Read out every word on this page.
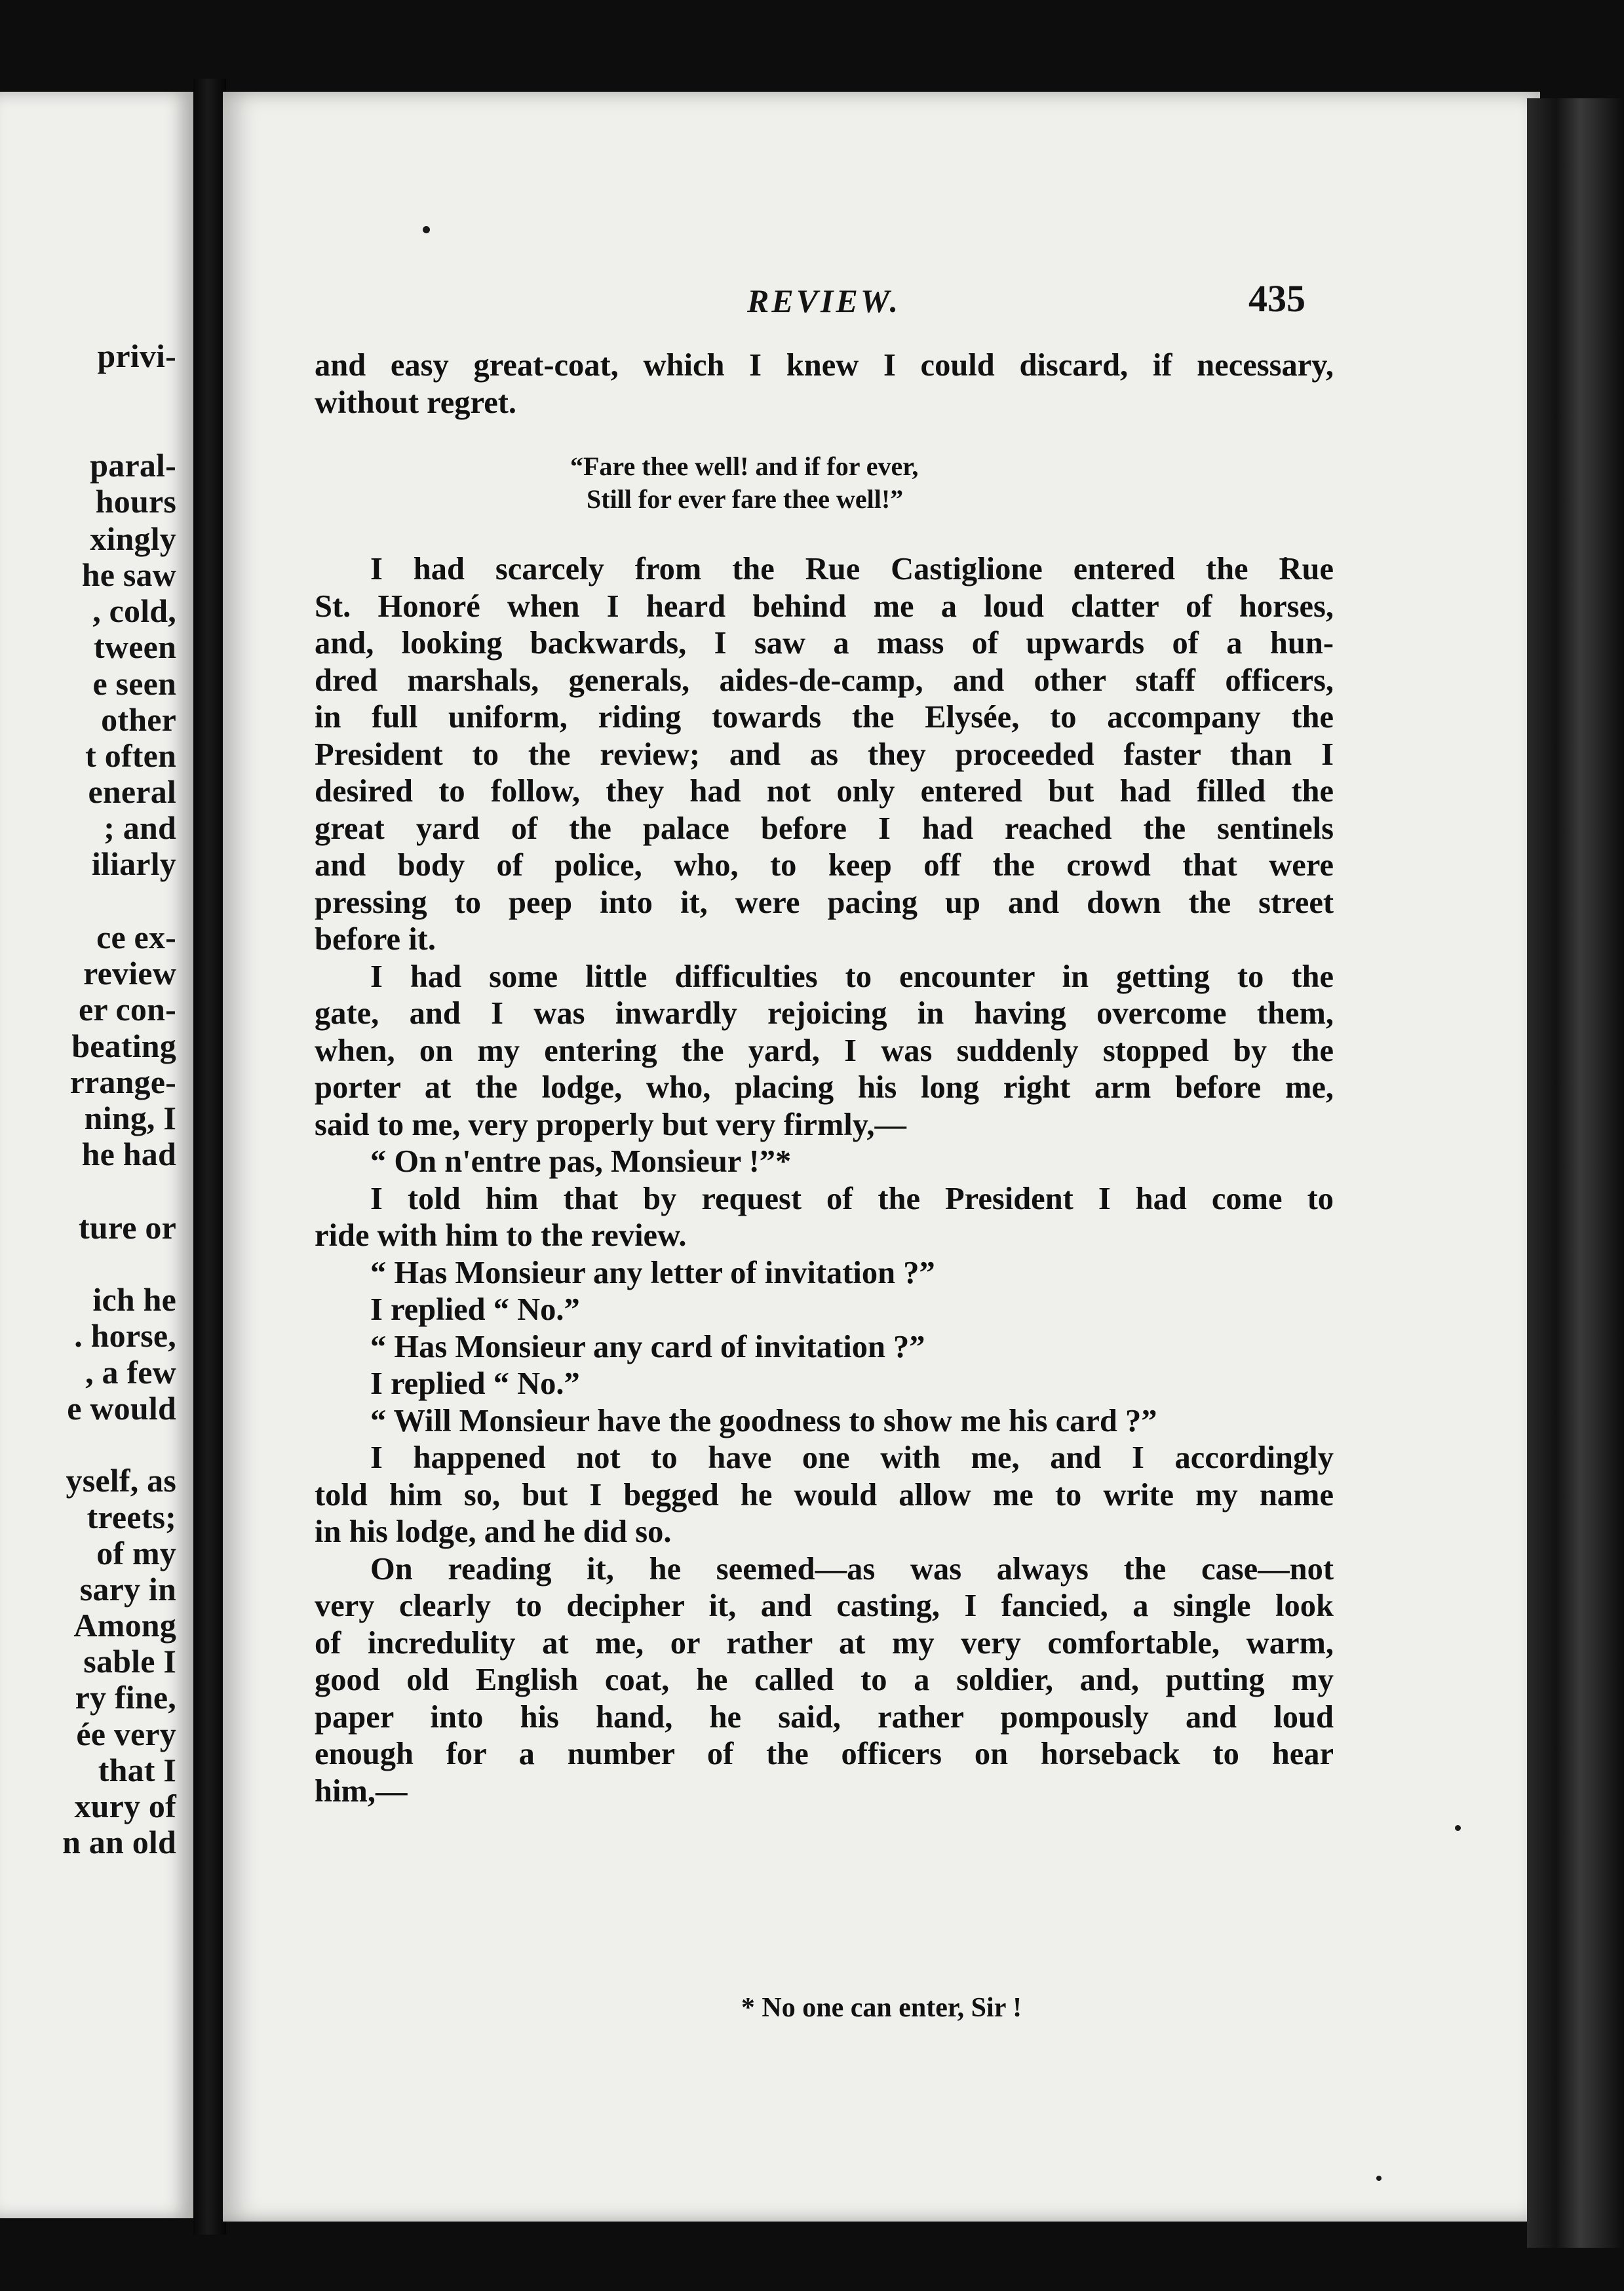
privi-
paral-
hours
xingly
he saw
, cold,
tween
e seen
other
t often
eneral
; and
iliarly
ce ex-
review
er con-
beating
rrange-
ning, I
he had
ture or
ich he
. horse,
, a few
e would
yself, as
treets;
of my
sary in
Among
sable I
ry fine,
ée very
that I
xury of
n an old
REVIEW.	435
and easy great-coat, which I knew I could discard, if necessary,
without regret.
“Fare thee well! and if for ever,
Still for ever fare thee well!”
I had scarcely from the Rue Castiglione entered the Rue
St. Honoré when I heard behind me a loud clatter of horses,
and, looking backwards, I saw a mass of upwards of a hun-
dred marshals, generals, aides-de-camp, and other staff officers,
in full uniform, riding towards the Elysée, to accompany the
President to the review; and as they proceeded faster than I
desired to follow, they had not only entered but had filled the
great yard of the palace before I had reached the sentinels
and body of police, who, to keep off the crowd that were
pressing to peep into it, were pacing up and down the street
before it.
I had some little difficulties to encounter in getting to the
gate, and I was inwardly rejoicing in having overcome them,
when, on my entering the yard, I was suddenly stopped by the
porter at the lodge, who, placing his long right arm before me,
said to me, very properly but very firmly,—
“ On n'entre pas, Monsieur !”*
I told him that by request of the President I had come to
ride with him to the review.
“ Has Monsieur any letter of invitation ?”
I replied “ No.”
“ Has Monsieur any card of invitation ?”
I replied “ No.”
“ Will Monsieur have the goodness to show me his card ?”
I happened not to have one with me, and I accordingly
told him so, but I begged he would allow me to write my name
in his lodge, and he did so.
On reading it, he seemed—as was always the case—not
very clearly to decipher it, and casting, I fancied, a single look
of incredulity at me, or rather at my very comfortable, warm,
good old English coat, he called to a soldier, and, putting my
paper into his hand, he said, rather pompously and loud
enough for a number of the officers on horseback to hear
him,—
* No one can enter, Sir !
